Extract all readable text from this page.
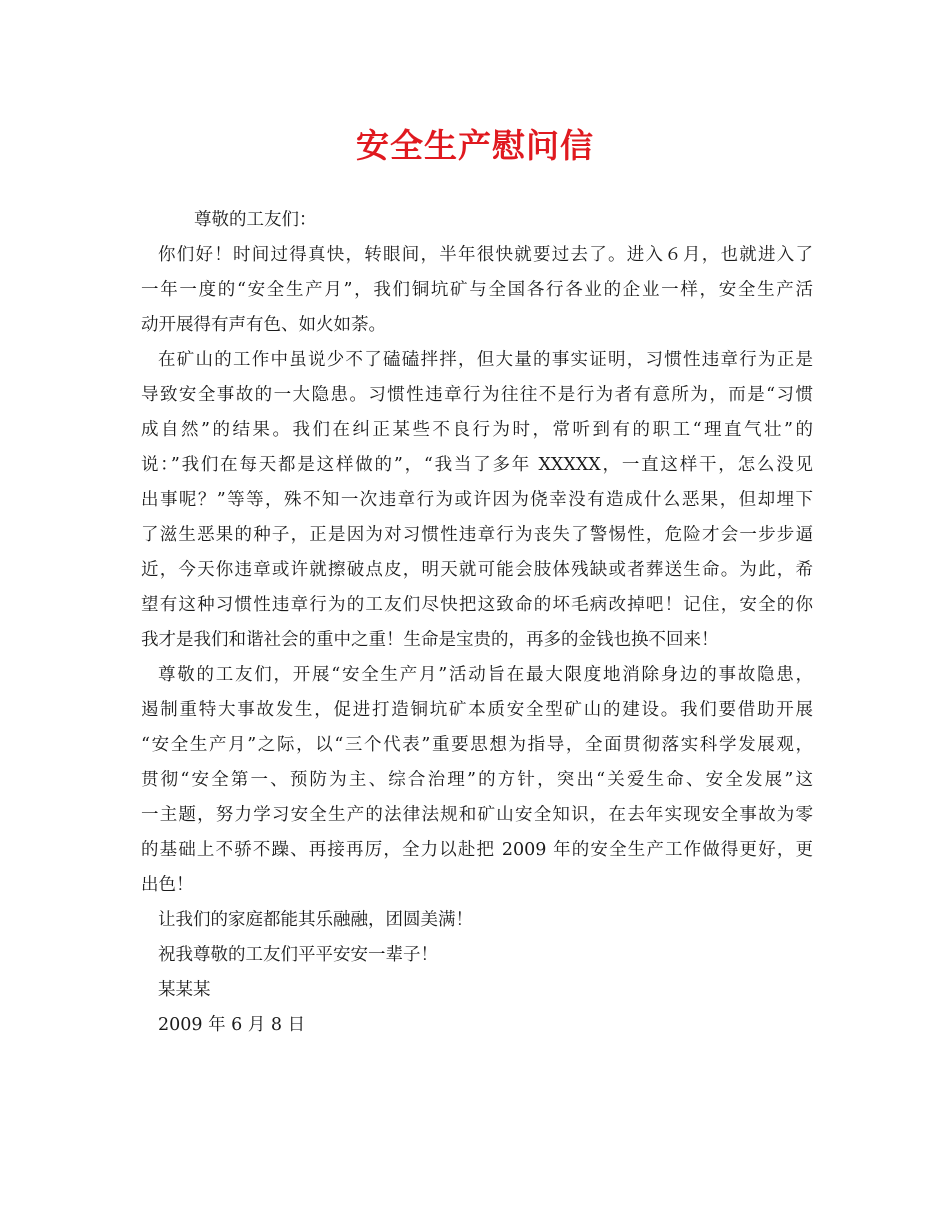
安全生产慰问信
尊敬的工友们：
你们好！时间过得真快，转眼间，半年很快就要过去了。进入６月，也就进入了
一年一度的“安全生产月”，我们铜坑矿与全国各行各业的企业一样，安全生产活
动开展得有声有色、如火如荼。
在矿山的工作中虽说少不了磕磕拌拌，但大量的事实证明，习惯性违章行为正是
导致安全事故的一大隐患。习惯性违章行为往往不是行为者有意所为，而是“习惯
成自然”的结果。我们在纠正某些不良行为时，常听到有的职工“理直气壮”的
说：”我们在每天都是这样做的”，“我当了多年 XXXXX，一直这样干，怎么没见
出事呢？”等等，殊不知一次违章行为或许因为侥幸没有造成什么恶果，但却埋下
了滋生恶果的种子，正是因为对习惯性违章行为丧失了警惕性，危险才会一步步逼
近，今天你违章或许就擦破点皮，明天就可能会肢体残缺或者葬送生命。为此，希
望有这种习惯性违章行为的工友们尽快把这致命的坏毛病改掉吧！记住，安全的你
我才是我们和谐社会的重中之重！生命是宝贵的，再多的金钱也换不回来！
尊敬的工友们，开展“安全生产月”活动旨在最大限度地消除身边的事故隐患，
遏制重特大事故发生，促进打造铜坑矿本质安全型矿山的建设。我们要借助开展
“安全生产月”之际，以“三个代表”重要思想为指导，全面贯彻落实科学发展观，
贯彻“安全第一、预防为主、综合治理”的方针，突出“关爱生命、安全发展”这
一主题，努力学习安全生产的法律法规和矿山安全知识，在去年实现安全事故为零
的基础上不骄不躁、再接再厉，全力以赴把 2009 年的安全生产工作做得更好，更
出色！
让我们的家庭都能其乐融融，团圆美满！
祝我尊敬的工友们平平安安一辈子！
某某某
2009 年 6 月 8 日
